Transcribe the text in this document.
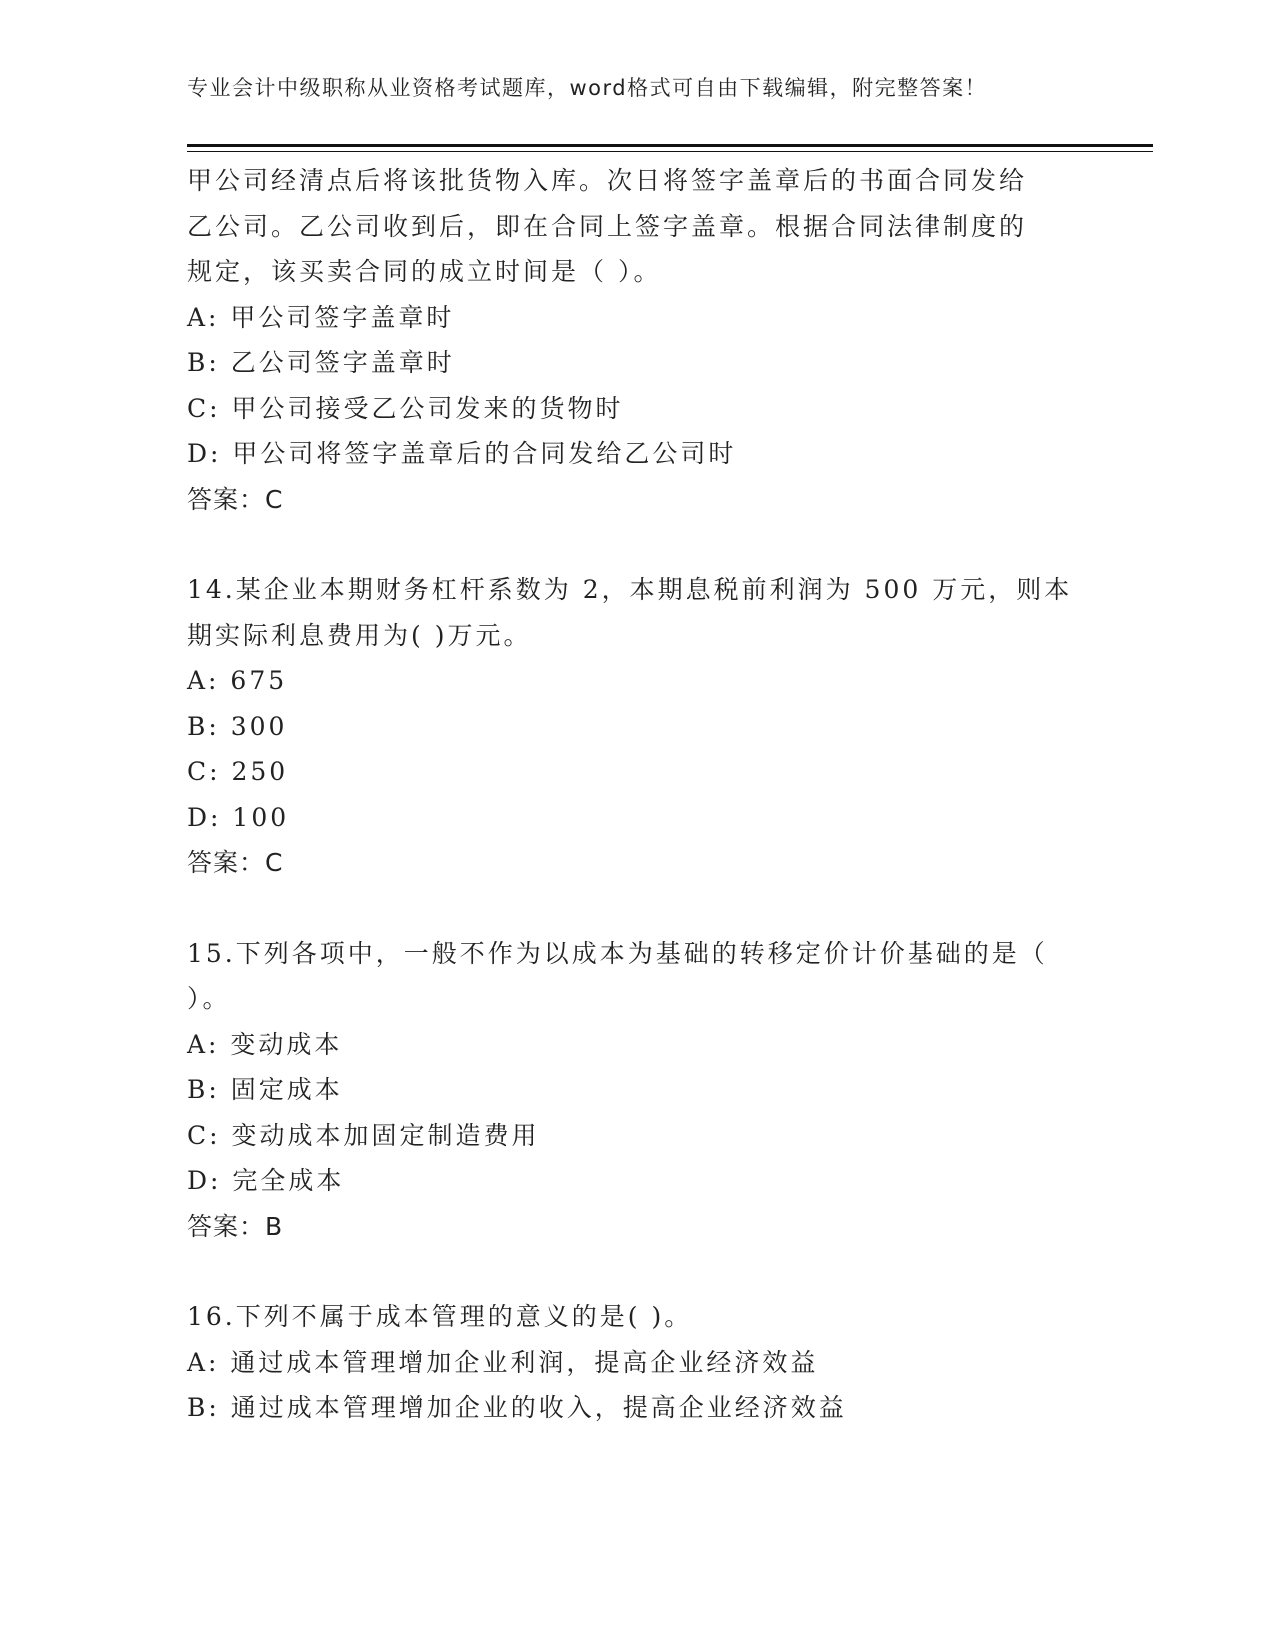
专业会计中级职称从业资格考试题库，word格式可自由下载编辑，附完整答案！
甲公司经清点后将该批货物入库。次日将签字盖章后的书面合同发给
乙公司。乙公司收到后，即在合同上签字盖章。根据合同法律制度的
规定，该买卖合同的成立时间是（ ）。
A: 甲公司签字盖章时
B: 乙公司签字盖章时
C: 甲公司接受乙公司发来的货物时
D: 甲公司将签字盖章后的合同发给乙公司时
答案：C
14.某企业本期财务杠杆系数为 2，本期息税前利润为 500 万元，则本
期实际利息费用为( )万元。
A: 675
B: 300
C: 250
D: 100
答案：C
15.下列各项中，一般不作为以成本为基础的转移定价计价基础的是（
）。
A: 变动成本
B: 固定成本
C: 变动成本加固定制造费用
D: 完全成本
答案：B
16.下列不属于成本管理的意义的是( )。
A: 通过成本管理增加企业利润，提高企业经济效益
B: 通过成本管理增加企业的收入，提高企业经济效益
